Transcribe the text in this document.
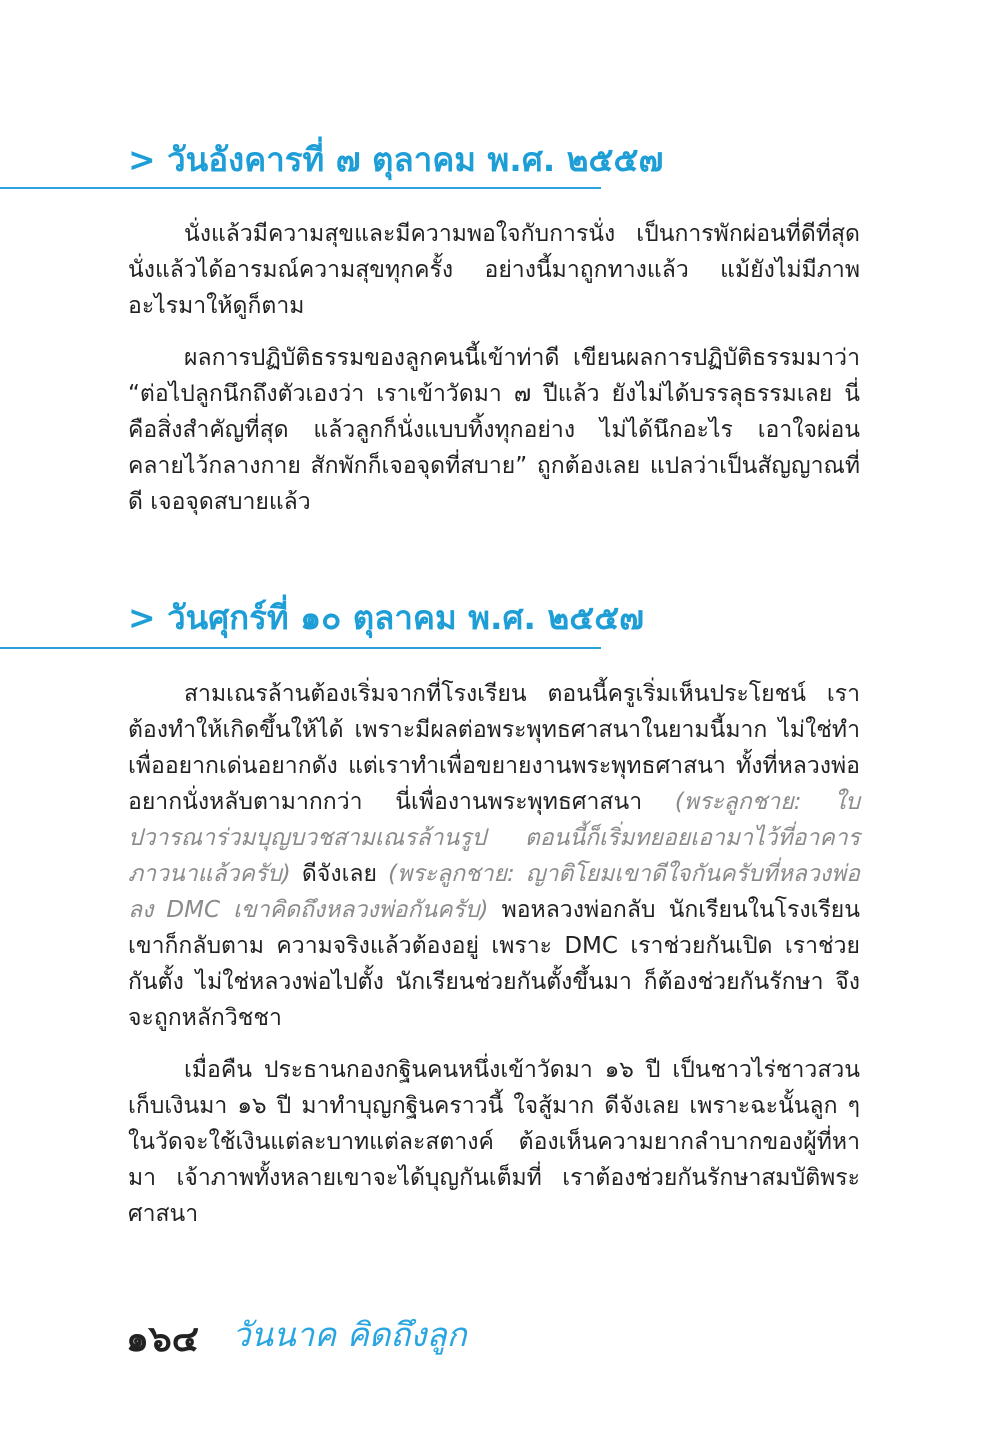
> วันอังคารที่ ๗ ตุลาคม พ.ศ. ๒๕๕๗

นั่งแล้วมีความสุขและมีความพอใจกับการนั่ง เป็นการพักผ่อนที่ดีที่สุด นั่งแล้วได้อารมณ์ความสุขทุกครั้ง อย่างนี้มาถูกทางแล้ว แม้ยังไม่มีภาพอะไรมาให้ดูก็ตาม

ผลการปฏิบัติธรรมของลูกคนนี้เข้าท่าดี เขียนผลการปฏิบัติธรรมมาว่า “ต่อไปลูกนึกถึงตัวเองว่า เราเข้าวัดมา ๗ ปีแล้ว ยังไม่ได้บรรลุธรรมเลย นี่คือสิ่งสำคัญที่สุด แล้วลูกก็นั่งแบบทิ้งทุกอย่าง ไม่ได้นึกอะไร เอาใจผ่อนคลายไว้กลางกาย สักพักก็เจอจุดที่สบาย” ถูกต้องเลย แปลว่าเป็นสัญญาณที่ดี เจอจุดสบายแล้ว

> วันศุกร์ที่ ๑๐ ตุลาคม พ.ศ. ๒๕๕๗

สามเณรล้านต้องเริ่มจากที่โรงเรียน ตอนนี้ครูเริ่มเห็นประโยชน์ เราต้องทำให้เกิดขึ้นให้ได้ เพราะมีผลต่อพระพุทธศาสนาในยามนี้มาก ไม่ใช่ทำเพื่ออยากเด่นอยากดัง แต่เราทำเพื่อขยายงานพระพุทธศาสนา ทั้งที่หลวงพ่ออยากนั่งหลับตามากกว่า นี่เพื่องานพระพุทธศาสนา (พระลูกชาย: ใบปวารณาร่วมบุญบวชสามเณรล้านรูป ตอนนี้ก็เริ่มทยอยเอามาไว้ที่อาคารภาวนาแล้วครับ) ดีจังเลย (พระลูกชาย: ญาติโยมเขาดีใจกันครับที่หลวงพ่อลง DMC เขาคิดถึงหลวงพ่อกันครับ) พอหลวงพ่อกลับ นักเรียนในโรงเรียนเขาก็กลับตาม ความจริงแล้วต้องอยู่ เพราะ DMC เราช่วยกันเปิด เราช่วยกันตั้ง ไม่ใช่หลวงพ่อไปตั้ง นักเรียนช่วยกันตั้งขึ้นมา ก็ต้องช่วยกันรักษา จึงจะถูกหลักวิชชา

เมื่อคืน ประธานกองกฐินคนหนึ่งเข้าวัดมา ๑๖ ปี เป็นชาวไร่ชาวสวน เก็บเงินมา ๑๖ ปี มาทำบุญกฐินคราวนี้ ใจสู้มาก ดีจังเลย เพราะฉะนั้นลูก ๆ ในวัดจะใช้เงินแต่ละบาทแต่ละสตางค์ ต้องเห็นความยากลำบากของผู้ที่หามา เจ้าภาพทั้งหลายเขาจะได้บุญกันเต็มที่ เราต้องช่วยกันรักษาสมบัติพระศาสนา

๑๖๔ วันนาค คิดถึงลูก
